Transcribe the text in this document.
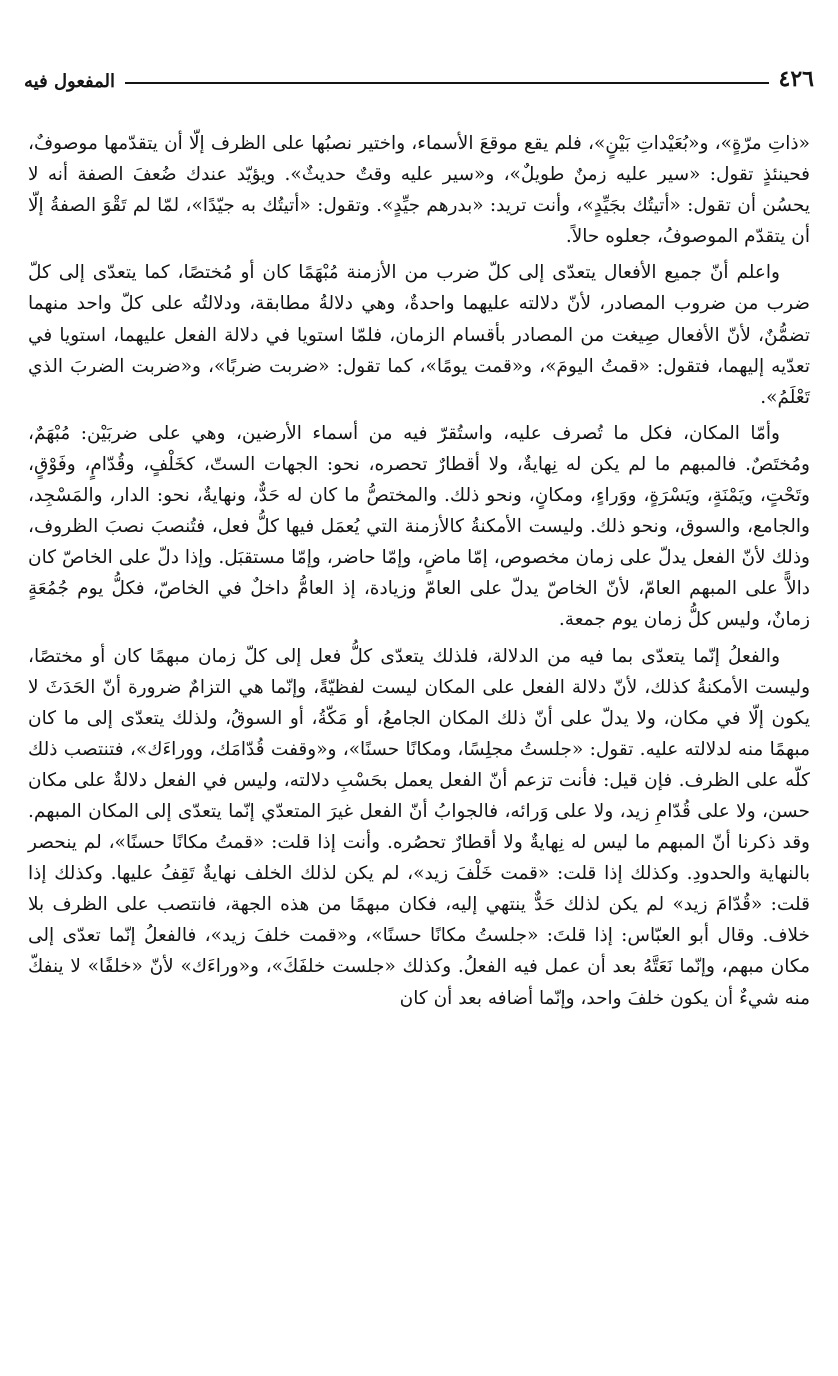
٤٢٦
المفعول فيه

«ذاتِ مرّةٍ»، و«بُعَيْداتِ بَيْنٍ»، فلم يقع موقعَ الأسماء، واختير نصبُها على الظرف إلّا أن يتقدّمها موصوفٌ، فحينئذٍ تقول: «سير عليه زمنٌ طويلٌ»، و«سير عليه وقتٌ حديثٌ». ويؤيّد عندك ضُعفَ الصفة أنه لا يحسُن أن تقول: «أتيتُك بجَيِّدٍ»، وأنت تريد: «بدرهم جيِّدٍ». وتقول: «أتيتُك به جيّدًا»، لمّا لم تَقْوَ الصفةُ إلّا أن يتقدّم الموصوفُ، جعلوه حالاً.

واعلم أنّ جميع الأفعال يتعدّى إلى كلّ ضرب من الأزمنة مُبْهَمًا كان أو مُختصًا، كما يتعدّى إلى كلّ ضرب من ضروب المصادر، لأنّ دلالته عليهما واحدةٌ، وهي دلالةُ مطابقة، ودلالتُه على كلّ واحد منهما تضمُّنٌ، لأنّ الأفعال صِيغت من المصادر بأقسام الزمان، فلمّا استويا في دلالة الفعل عليهما، استويا في تعدّيه إليهما، فتقول: «قمتُ اليومَ»، و«قمت يومًا»، كما تقول: «ضربت ضربًا»، و«ضربت الضربَ الذي تَعْلَمُ».

وأمّا المكان، فكل ما تُصرف عليه، واستُقرّ فيه من أسماء الأرضين، وهي على ضربَيْن: مُبْهَمٌ، ومُختَصٌ. فالمبهم ما لم يكن له نِهايةٌ، ولا أقطارٌ تحصره، نحو: الجهات الستّ، كخَلْفٍ، وقُدّامٍ، وفَوْقٍ، وتَحْتٍ، ويَمْنَةٍ، ويَسْرَةٍ، ووَراءٍ، ومكانٍ، ونحو ذلك. والمختصُّ ما كان له حَدٌّ، ونهايةٌ، نحو: الدار، والمَسْجِد، والجامع، والسوق، ونحو ذلك. وليست الأمكنةُ كالأزمنة التي يُعمَل فيها كلُّ فعل، فتُنصبَ نصبَ الظروف، وذلك لأنّ الفعل يدلّ على زمان مخصوص، إمّا ماضٍ، وإمّا حاضر، وإمّا مستقبَل. وإذا دلّ على الخاصّ كان دالاًّ على المبهم العامّ، لأنّ الخاصّ يدلّ على العامّ وزيادة، إذ العامُّ داخلٌ في الخاصّ، فكلُّ يوم جُمُعَةٍ زمانٌ، وليس كلُّ زمان يوم جمعة.

والفعلُ إنّما يتعدّى بما فيه من الدلالة، فلذلك يتعدّى كلُّ فعل إلى كلّ زمان مبهمًا كان أو مختصًا، وليست الأمكنةُ كذلك، لأنّ دلالة الفعل على المكان ليست لفظيّةً، وإنّما هي التزامٌ ضرورة أنّ الحَدَثَ لا يكون إلّا في مكان، ولا يدلّ على أنّ ذلك المكان الجامعُ، أو مَكّةُ، أو السوقُ، ولذلك يتعدّى إلى ما كان مبهمًا منه لدلالته عليه. تقول: «جلستُ مجلِسًا، ومكانًا حسنًا»، و«وقفت قُدّامَك، ووراءَك»، فتنتصب ذلك كلّه على الظرف. فإن قيل: فأنت تزعم أنّ الفعل يعمل بحَسْبِ دلالته، وليس في الفعل دلالةٌ على مكان حسن، ولا على قُدّامِ زيد، ولا على وَرائه، فالجوابُ أنّ الفعل غيرَ المتعدّي إنّما يتعدّى إلى المكان المبهم. وقد ذكرنا أنّ المبهم ما ليس له نِهايةٌ ولا أقطارٌ تحصُره. وأنت إذا قلت: «قمتُ مكانًا حسنًا»، لم ينحصر بالنهاية والحدودِ. وكذلك إذا قلت: «قمت خَلْفَ زيد»، لم يكن لذلك الخلف نهايةٌ تَقِفُ عليها. وكذلك إذا قلت: «قُدّامَ زيد» لم يكن لذلك حَدٌّ ينتهي إليه، فكان مبهمًا من هذه الجهة، فانتصب على الظرف بلا خلاف. وقال أبو العبّاس: إذا قلتَ: «جلستُ مكانًا حسنًا»، و«قمت خلفَ زيد»، فالفعلُ إنّما تعدّى إلى مكان مبهم، وإنّما نَعَتَّهُ بعد أن عمل فيه الفعلُ. وكذلك «جلست خلفَكَ»، و«وراءَك» لأنّ «خلفًا» لا ينفكّ منه شيءٌ أن يكون خلفَ واحد، وإنّما أضافه بعد أن كان
